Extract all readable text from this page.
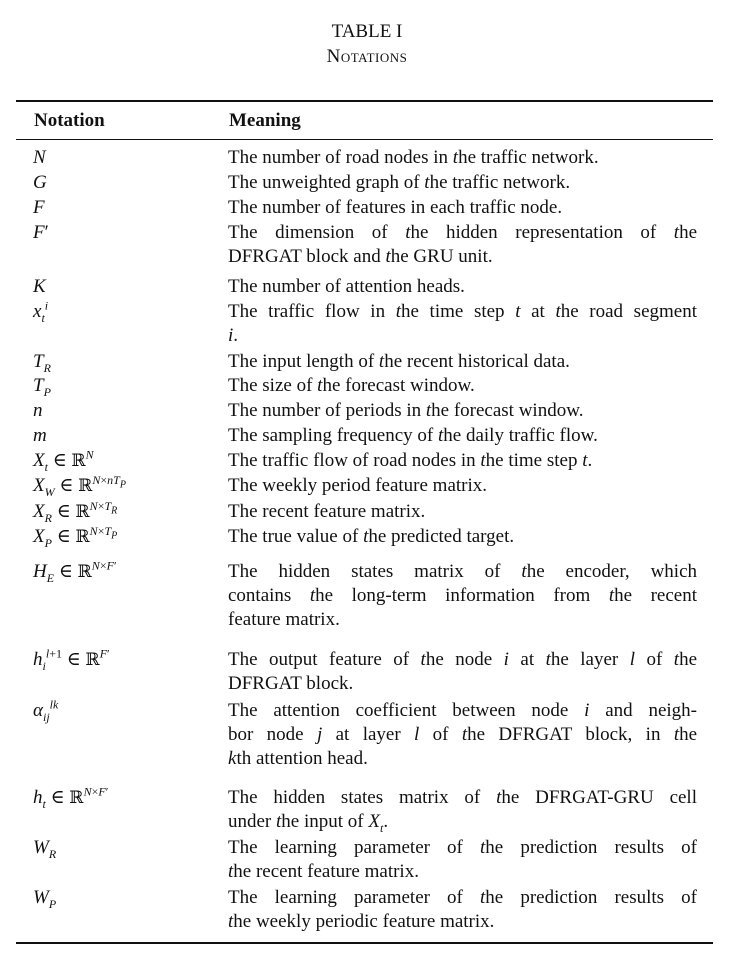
TABLE I
Notations
Notation	Meaning
N	The number of road nodes in the traffic network.
G	The unweighted graph of the traffic network.
F	The number of features in each traffic node.
F′	The dimension of the hidden representation of the
DFRGAT block and the GRU unit.
K	The number of attention heads.
$x_t^i$	The traffic flow in the time step t at the road segment
i.
$T_R$	The input length of the recent historical data.
$T_P$	The size of the forecast window.
n	The number of periods in the forecast window.
m	The sampling frequency of the daily traffic flow.
$X_t$ ∈ ℝ$^N$	The traffic flow of road nodes in the time step t.
$X_W$ ∈ ℝ$^{N\times nT_P}$	The weekly period feature matrix.
$X_R$ ∈ ℝ$^{N\times T_R}$	The recent feature matrix.
$X_P$ ∈ ℝ$^{N\times T_P}$	The true value of the predicted target.
$H_E$ ∈ ℝ$^{N\times F'}$	The hidden states matrix of the encoder, which
contains the long-term information from the recent
feature matrix.
$h_i^{l+1}$ ∈ ℝ$^{F'}$	The output feature of the node i at the layer l of the
DFRGAT block.
$\alpha_{ij}^{lk}$	The attention coefficient between node i and neigh-
bor node j at layer l of the DFRGAT block, in the
kth attention head.
$h_t$ ∈ ℝ$^{N\times F'}$	The hidden states matrix of the DFRGAT-GRU cell
under the input of $X_t$.
$W_R$	The learning parameter of the prediction results of
the recent feature matrix.
$W_P$	The learning parameter of the prediction results of
the weekly periodic feature matrix.
